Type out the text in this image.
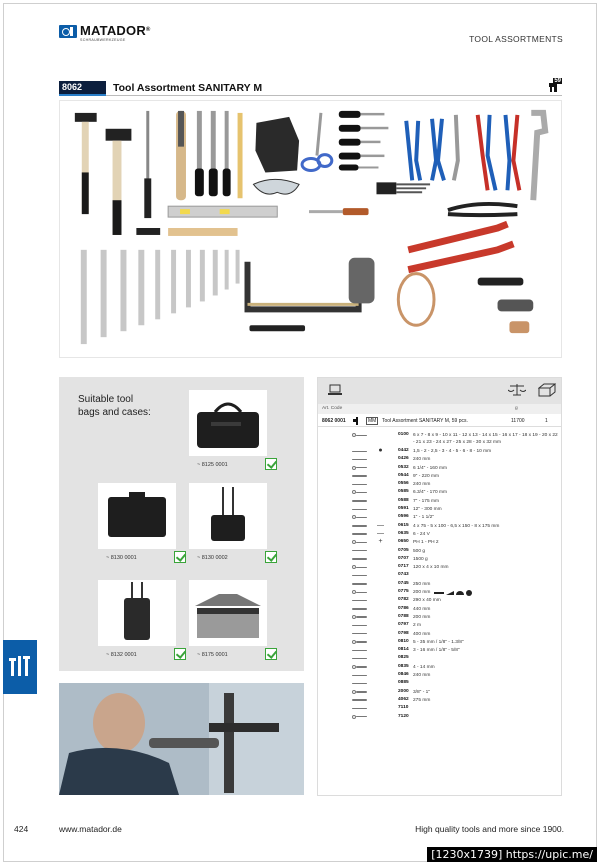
MATADOR®
SCHRAUBWERKZEUGE	TOOL ASSORTMENTS
8062	Tool Assortment SANITARY M
59
Suitable tool
bags and cases:
~ 8125 0001
~ 8130 0001	~ 8130 0002
~ 8132 0001	~ 8175 0001
Art. Code	g
8062 0001	MM	Tool Assortment SANITARY M, 59 pcs.	11700	1
0100 6 x 7 - 8 x 9 - 10 x 11 - 12 x 13 - 14 x 15 - 16 x 17 - 18 x 19 - 20 x 22 - 21 x 23 - 24 x 27 - 25 x 28 - 30 x 32 mm
●	0442 1,5 - 2 - 2,5 - 3 - 4 - 5 - 6 - 8 - 10 mm
0426 240 mm
0532 6 1/4" - 160 mm
0544 9" - 220 mm
0556 240 mm
0585 6.3/4" - 170 mm
0588 7" - 175 mm
0591 12" - 300 mm
0596 1" - 1 1/2"
—	0615 4 x 75 - 5 x 100 - 6,5 x 150 - 8 x 175 mm
—	0635 6 - 24 V
+	0650 PH 1 - PH 2
0705 500 g
0707 1500 g
0717 120 x 4 x 10 mm
0743
0745 250 mm
0775 200 mm
0782 290 x 40 mm
0786 440 mm
0788 200 mm
0797 2 m
0798 400 mm
0810 5 - 35 mm / 1/8" - 1.3/8"
0814 3 - 16 mm / 1/8" - 5/8"
0825
0835 4 - 14 mm
0846 240 mm
0885
2000 3/8" - 1"
4062 275 mm
7110
7120
424	www.matador.de	High quality tools and more since 1900.
[1230x1739] https://upic.me/
